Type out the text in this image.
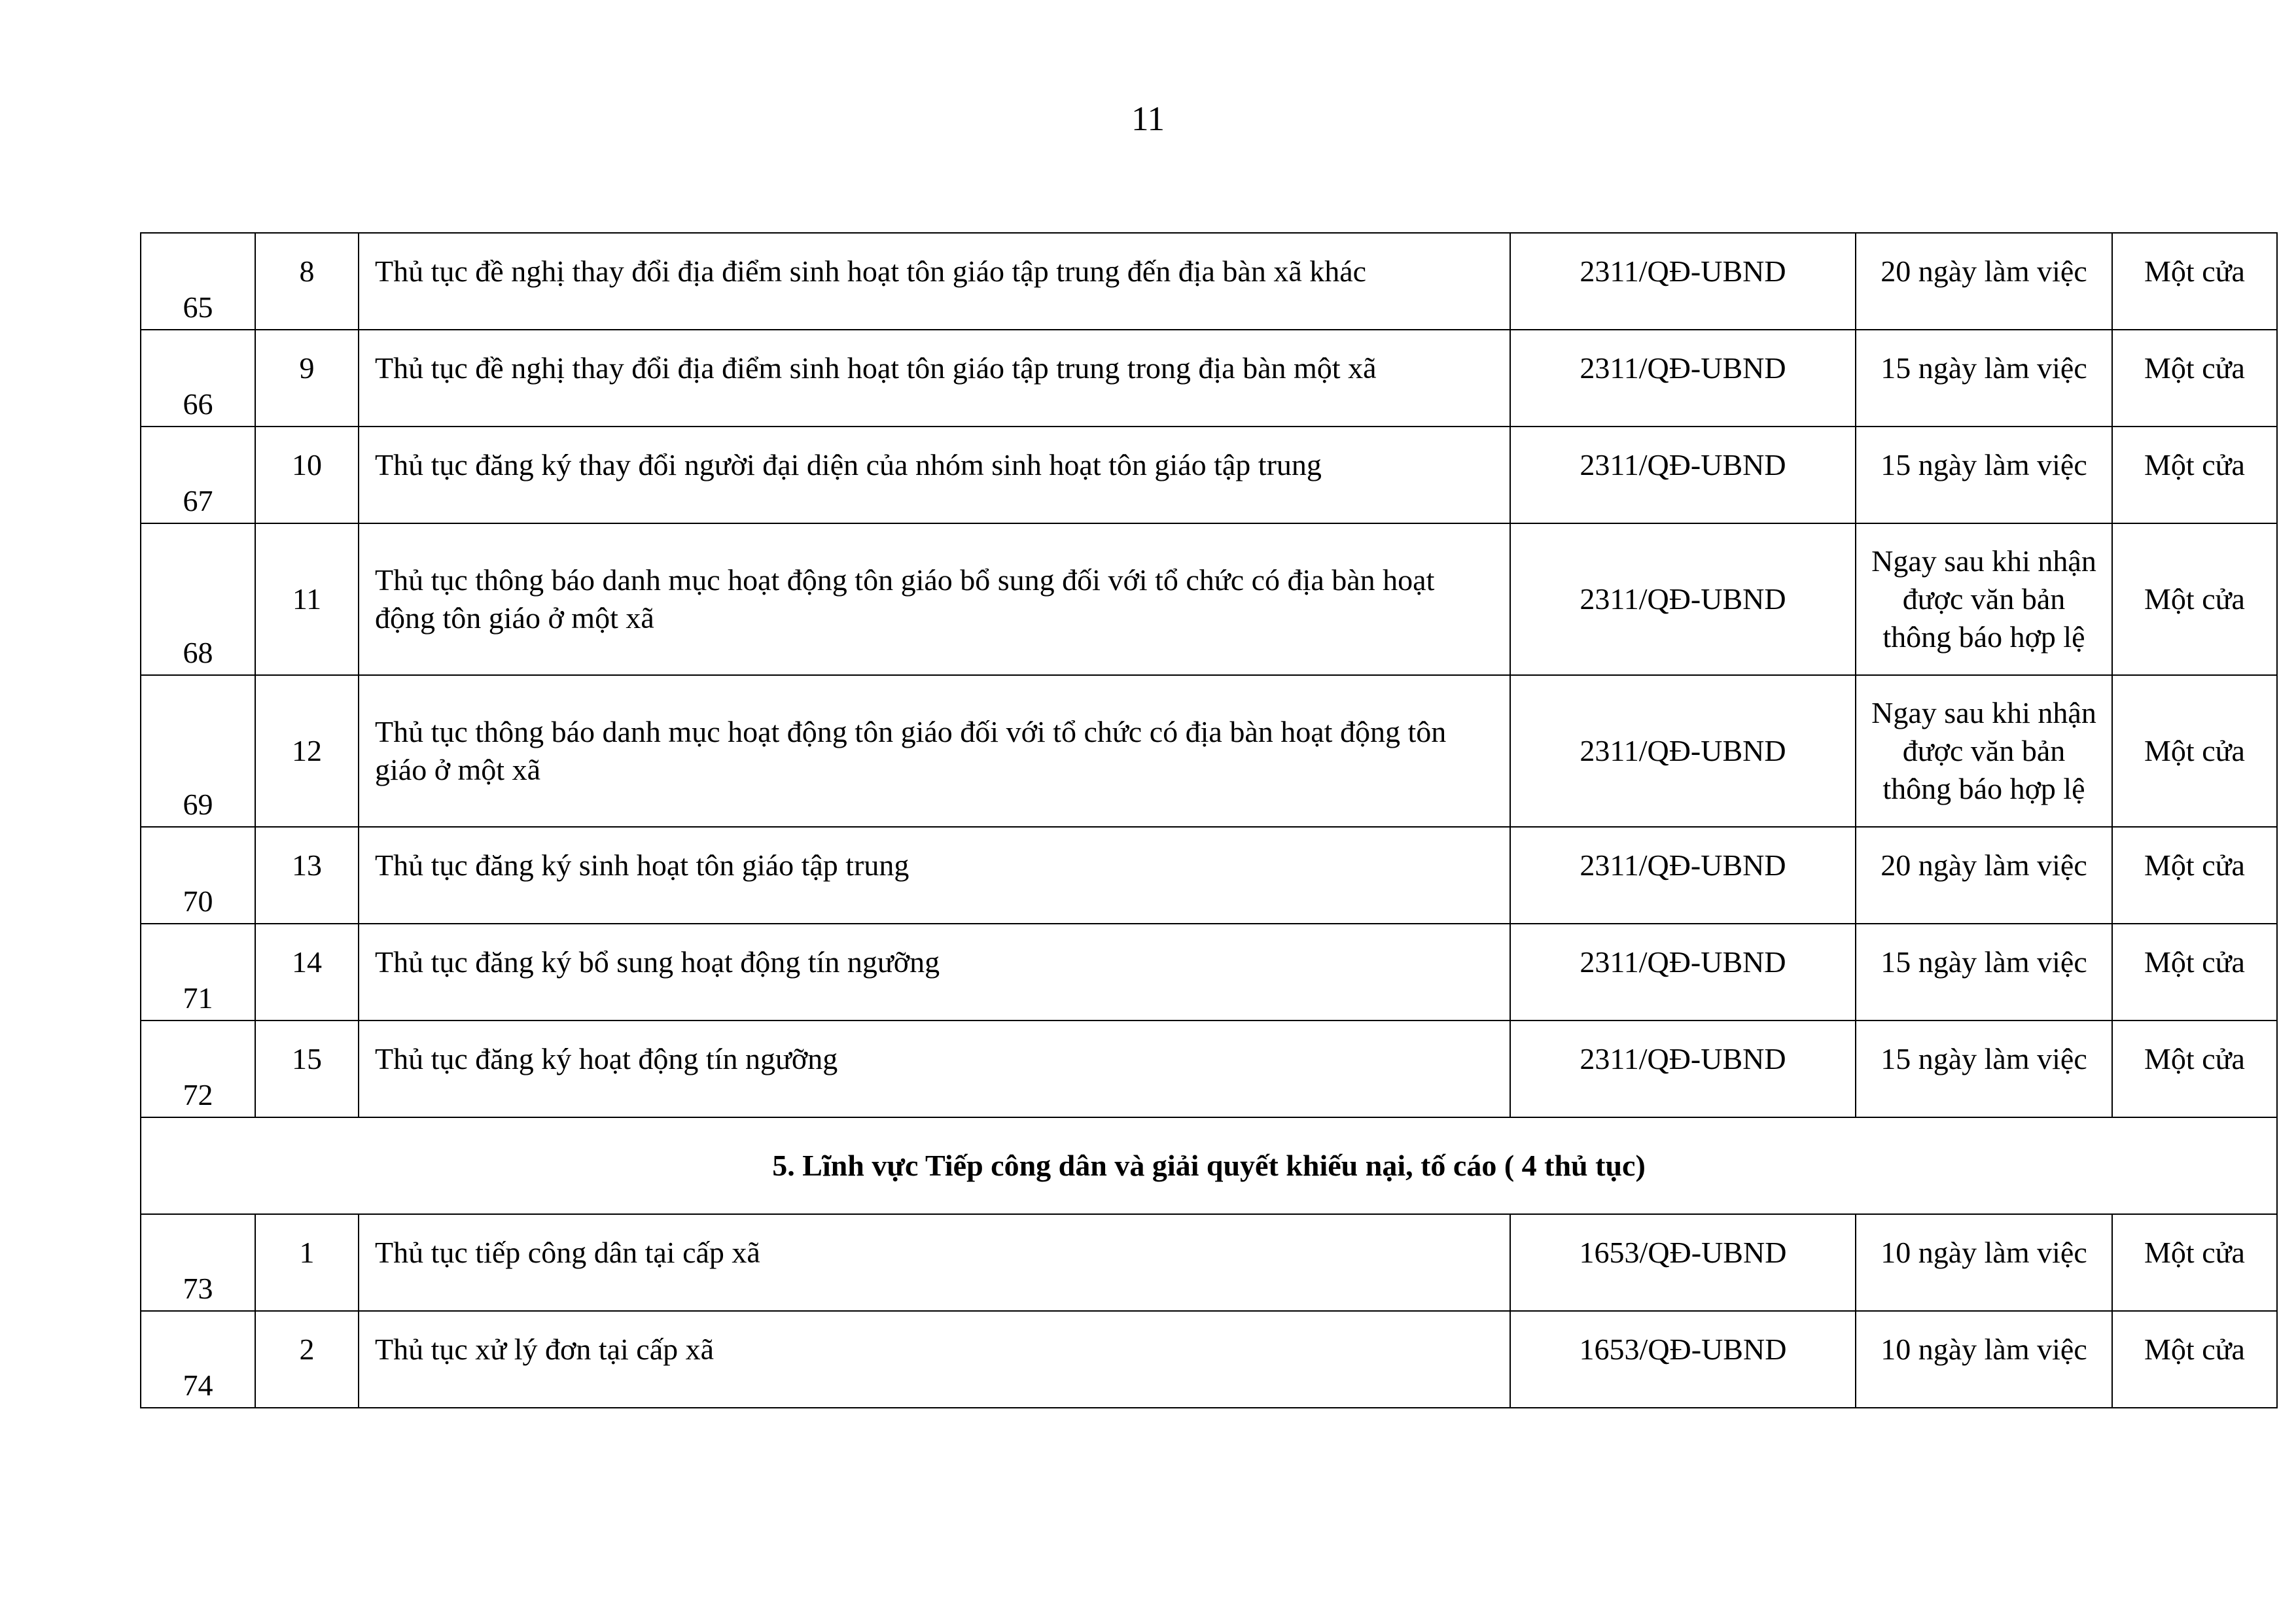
11
65	8	Thủ tục đề nghị thay đổi địa điểm sinh hoạt tôn giáo tập trung đến địa bàn xã khác	2311/QĐ-UBND	20 ngày làm việc	Một cửa

66	9	Thủ tục đề nghị thay đổi địa điểm sinh hoạt tôn giáo tập trung trong địa bàn một xã	2311/QĐ-UBND	15 ngày làm việc	Một cửa

67	10	Thủ tục đăng ký thay đổi người đại diện của nhóm sinh hoạt tôn giáo tập trung	2311/QĐ-UBND	15 ngày làm việc	Một cửa

68	11	Thủ tục thông báo danh mục hoạt động tôn giáo bổ sung đối với tổ chức có địa bàn hoạt động tôn giáo ở một xã	2311/QĐ-UBND	Ngay sau khi nhận được văn bản thông báo hợp lệ	Một cửa
69	12	Thủ tục thông báo danh mục hoạt động tôn giáo đối với tổ chức có địa bàn hoạt động tôn giáo ở một xã	2311/QĐ-UBND	Ngay sau khi nhận được văn bản thông báo hợp lệ	Một cửa
70	13	Thủ tục đăng ký sinh hoạt tôn giáo tập trung	2311/QĐ-UBND	20 ngày làm việc	Một cửa

71	14	Thủ tục đăng ký bổ sung hoạt động tín ngưỡng	2311/QĐ-UBND	15 ngày làm việc	Một cửa

72	15	Thủ tục đăng ký hoạt động tín ngưỡng	2311/QĐ-UBND	15 ngày làm việc	Một cửa

5. Lĩnh vực Tiếp công dân và giải quyết khiếu nại, tố cáo ( 4 thủ tục)					
73	1	Thủ tục tiếp công dân tại cấp xã	1653/QĐ-UBND	10 ngày làm việc	Một cửa

74	2	Thủ tục xử lý đơn tại cấp xã	1653/QĐ-UBND	10 ngày làm việc	Một cửa
